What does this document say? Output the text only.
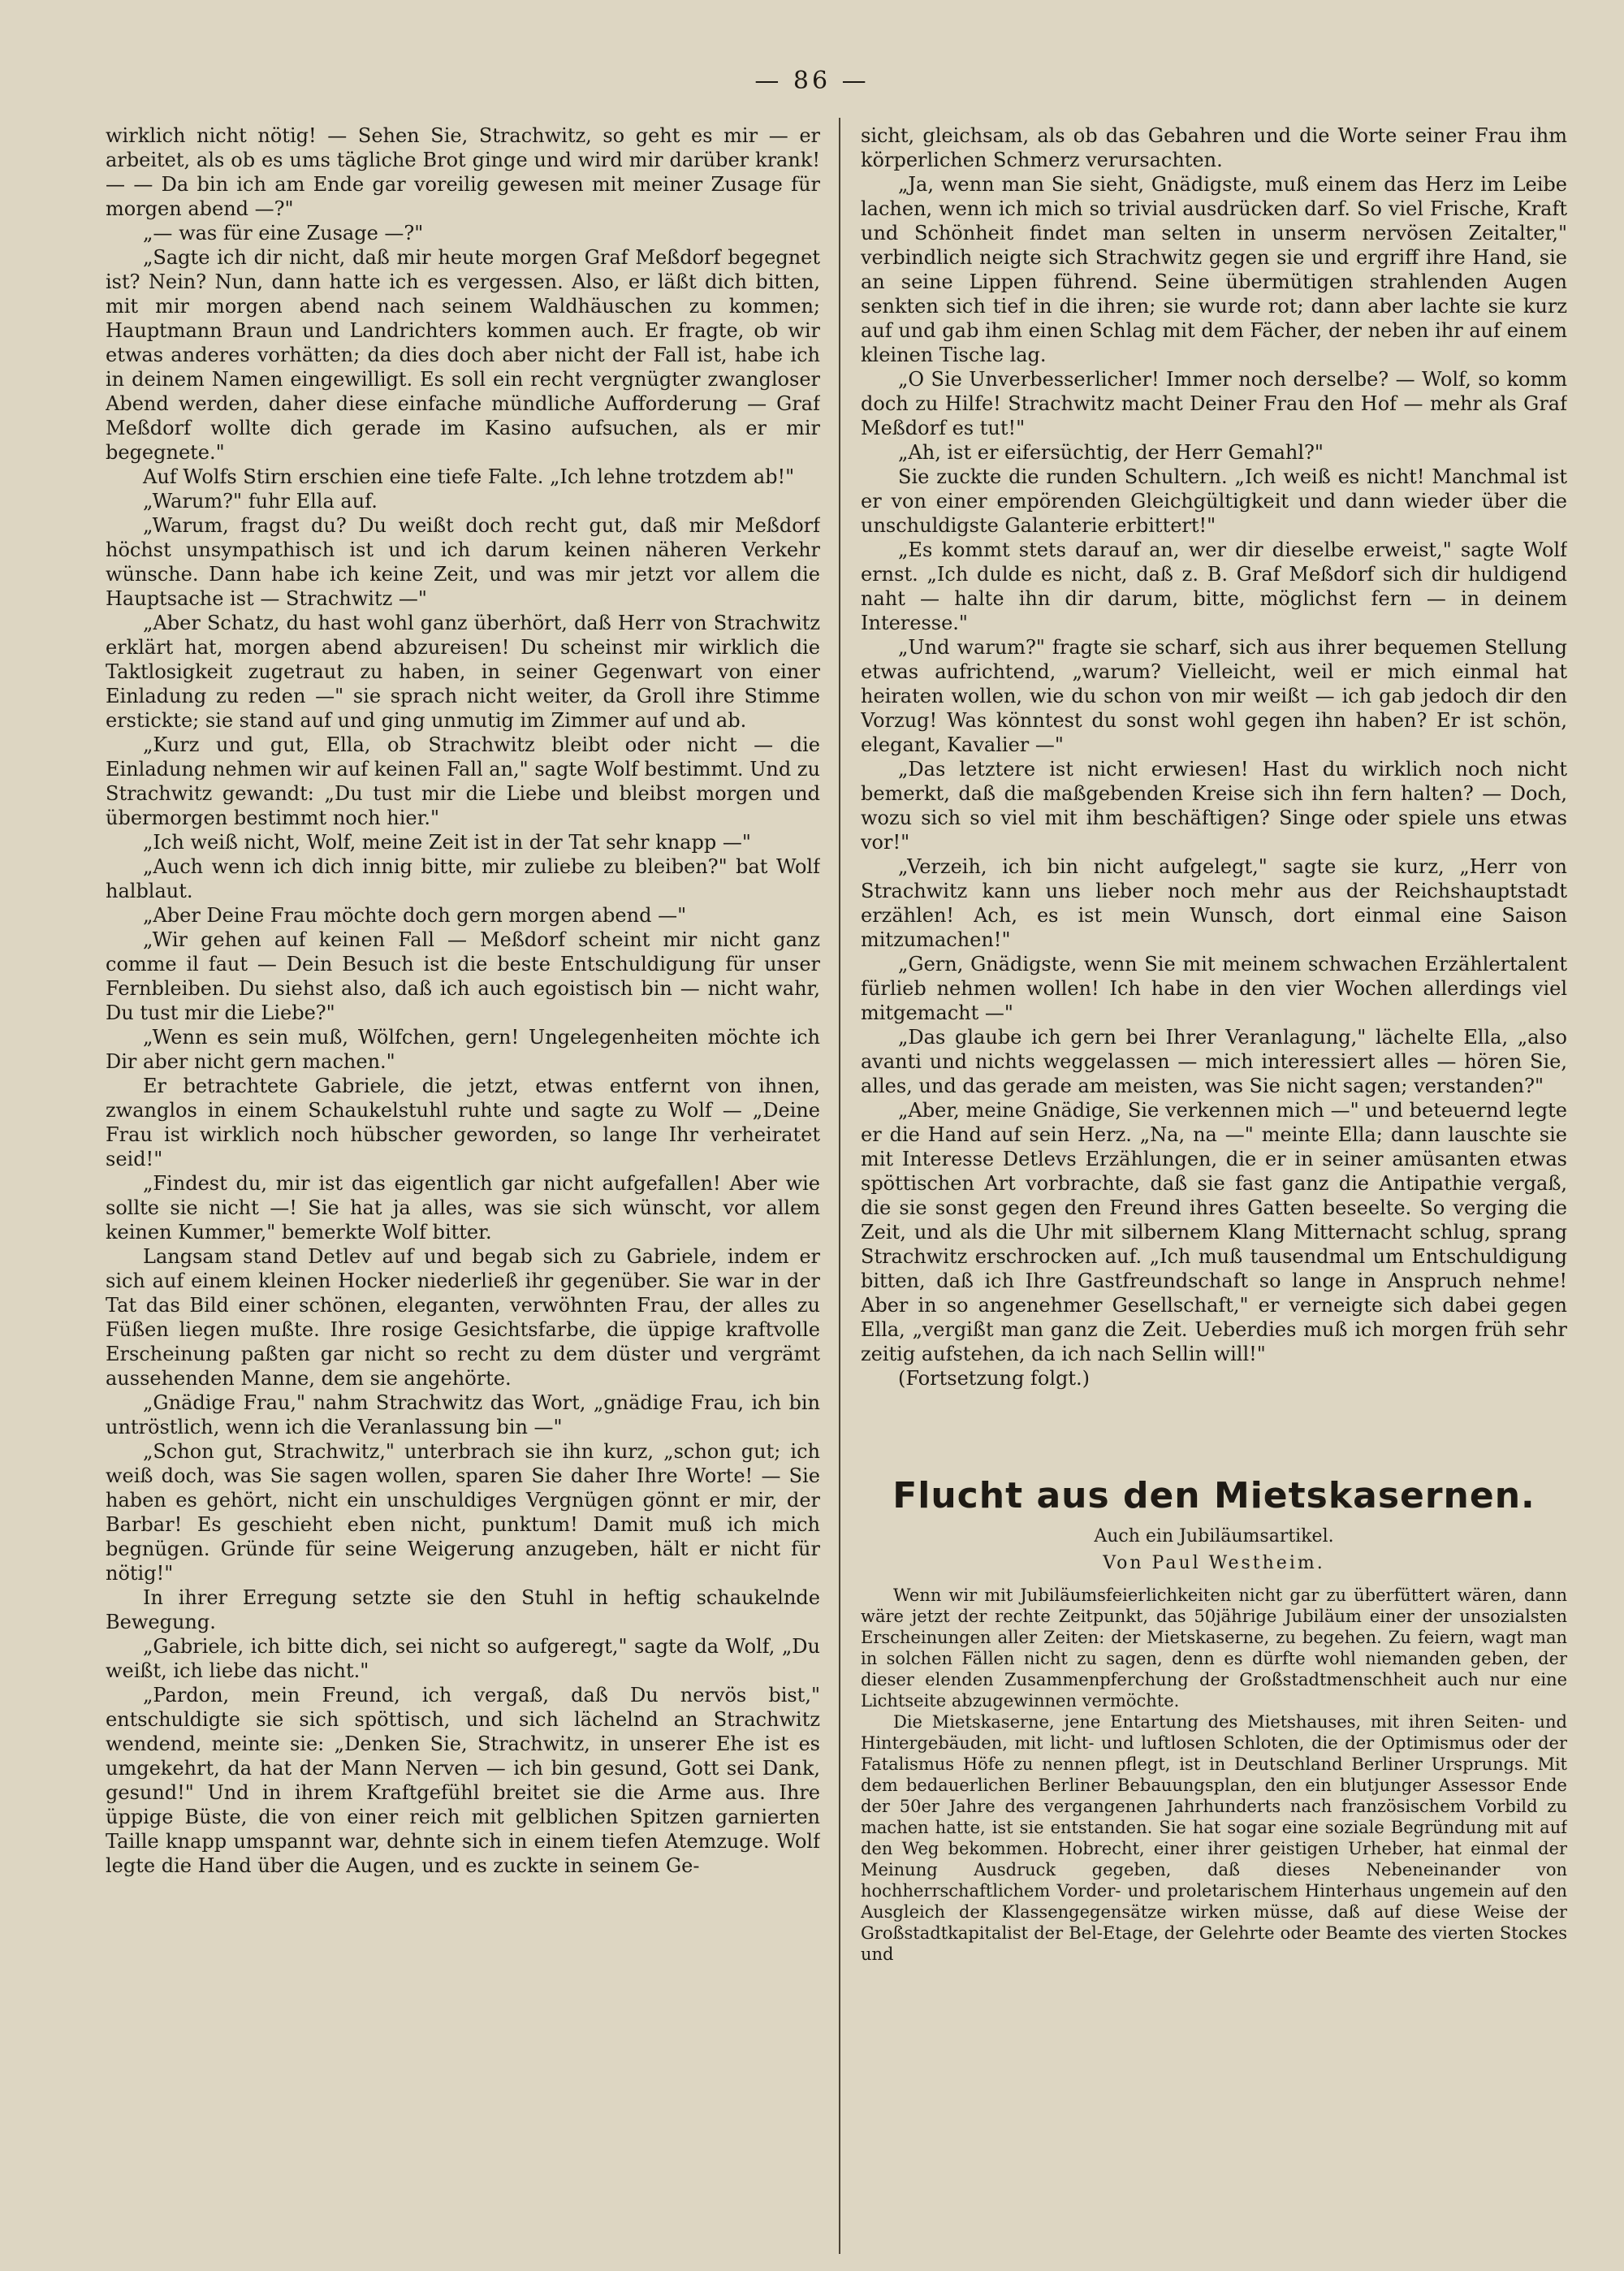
— 86 —

wirklich nicht nötig! — Sehen Sie, Strachwitz, so geht es mir — er arbeitet, als ob es ums tägliche Brot ginge und wird mir darüber krank! — — Da bin ich am Ende gar voreilig gewesen mit meiner Zusage für morgen abend —?"

„— was für eine Zusage —?"

„Sagte ich dir nicht, daß mir heute morgen Graf Meßdorf begegnet ist? Nein? Nun, dann hatte ich es vergessen. Also, er läßt dich bitten, mit mir morgen abend nach seinem Waldhäuschen zu kommen; Hauptmann Braun und Landrichters kommen auch. Er fragte, ob wir etwas anderes vorhätten; da dies doch aber nicht der Fall ist, habe ich in deinem Namen eingewilligt. Es soll ein recht vergnügter zwangloser Abend werden, daher diese einfache mündliche Aufforderung — Graf Meßdorf wollte dich gerade im Kasino aufsuchen, als er mir begegnete."

Auf Wolfs Stirn erschien eine tiefe Falte. „Ich lehne trotzdem ab!"

„Warum?" fuhr Ella auf.

„Warum, fragst du? Du weißt doch recht gut, daß mir Meßdorf höchst unsympathisch ist und ich darum keinen näheren Verkehr wünsche. Dann habe ich keine Zeit, und was mir jetzt vor allem die Hauptsache ist — Strachwitz —"

„Aber Schatz, du hast wohl ganz überhört, daß Herr von Strachwitz erklärt hat, morgen abend abzureisen! Du scheinst mir wirklich die Taktlosigkeit zugetraut zu haben, in seiner Gegenwart von einer Einladung zu reden —" sie sprach nicht weiter, da Groll ihre Stimme erstickte; sie stand auf und ging unmutig im Zimmer auf und ab.

„Kurz und gut, Ella, ob Strachwitz bleibt oder nicht — die Einladung nehmen wir auf keinen Fall an," sagte Wolf bestimmt. Und zu Strachwitz gewandt: „Du tust mir die Liebe und bleibst morgen und übermorgen bestimmt noch hier."

„Ich weiß nicht, Wolf, meine Zeit ist in der Tat sehr knapp —"

„Auch wenn ich dich innig bitte, mir zuliebe zu bleiben?" bat Wolf halblaut.

„Aber Deine Frau möchte doch gern morgen abend —"

„Wir gehen auf keinen Fall — Meßdorf scheint mir nicht ganz comme il faut — Dein Besuch ist die beste Entschuldigung für unser Fernbleiben. Du siehst also, daß ich auch egoistisch bin — nicht wahr, Du tust mir die Liebe?"

„Wenn es sein muß, Wölfchen, gern! Ungelegenheiten möchte ich Dir aber nicht gern machen."

Er betrachtete Gabriele, die jetzt, etwas entfernt von ihnen, zwanglos in einem Schaukelstuhl ruhte und sagte zu Wolf — „Deine Frau ist wirklich noch hübscher geworden, so lange Ihr verheiratet seid!"

„Findest du, mir ist das eigentlich gar nicht aufgefallen! Aber wie sollte sie nicht —! Sie hat ja alles, was sie sich wünscht, vor allem keinen Kummer," bemerkte Wolf bitter.

Langsam stand Detlev auf und begab sich zu Gabriele, indem er sich auf einem kleinen Hocker niederließ ihr gegenüber. Sie war in der Tat das Bild einer schönen, eleganten, verwöhnten Frau, der alles zu Füßen liegen mußte. Ihre rosige Gesichtsfarbe, die üppige kraftvolle Erscheinung paßten gar nicht so recht zu dem düster und vergrämt aussehenden Manne, dem sie angehörte.

„Gnädige Frau," nahm Strachwitz das Wort, „gnädige Frau, ich bin untröstlich, wenn ich die Veranlassung bin —"

„Schon gut, Strachwitz," unterbrach sie ihn kurz, „schon gut; ich weiß doch, was Sie sagen wollen, sparen Sie daher Ihre Worte! — Sie haben es gehört, nicht ein unschuldiges Vergnügen gönnt er mir, der Barbar! Es geschieht eben nicht, punktum! Damit muß ich mich begnügen. Gründe für seine Weigerung anzugeben, hält er nicht für nötig!"

In ihrer Erregung setzte sie den Stuhl in heftig schaukelnde Bewegung.

„Gabriele, ich bitte dich, sei nicht so aufgeregt," sagte da Wolf, „Du weißt, ich liebe das nicht."

„Pardon, mein Freund, ich vergaß, daß Du nervös bist," entschuldigte sie sich spöttisch, und sich lächelnd an Strachwitz wendend, meinte sie: „Denken Sie, Strachwitz, in unserer Ehe ist es umgekehrt, da hat der Mann Nerven — ich bin gesund, Gott sei Dank, gesund!" Und in ihrem Kraftgefühl breitet sie die Arme aus. Ihre üppige Büste, die von einer reich mit gelblichen Spitzen garnierten Taille knapp umspannt war, dehnte sich in einem tiefen Atemzuge. Wolf legte die Hand über die Augen, und es zuckte in seinem Ge-

sicht, gleichsam, als ob das Gebahren und die Worte seiner Frau ihm körperlichen Schmerz verursachten.

„Ja, wenn man Sie sieht, Gnädigste, muß einem das Herz im Leibe lachen, wenn ich mich so trivial ausdrücken darf. So viel Frische, Kraft und Schönheit findet man selten in unserm nervösen Zeitalter," verbindlich neigte sich Strachwitz gegen sie und ergriff ihre Hand, sie an seine Lippen führend. Seine übermütigen strahlenden Augen senkten sich tief in die ihren; sie wurde rot; dann aber lachte sie kurz auf und gab ihm einen Schlag mit dem Fächer, der neben ihr auf einem kleinen Tische lag.

„O Sie Unverbesserlicher! Immer noch derselbe? — Wolf, so komm doch zu Hilfe! Strachwitz macht Deiner Frau den Hof — mehr als Graf Meßdorf es tut!"

„Ah, ist er eifersüchtig, der Herr Gemahl?"

Sie zuckte die runden Schultern. „Ich weiß es nicht! Manchmal ist er von einer empörenden Gleichgültigkeit und dann wieder über die unschuldigste Galanterie erbittert!"

„Es kommt stets darauf an, wer dir dieselbe erweist," sagte Wolf ernst. „Ich dulde es nicht, daß z. B. Graf Meßdorf sich dir huldigend naht — halte ihn dir darum, bitte, möglichst fern — in deinem Interesse."

„Und warum?" fragte sie scharf, sich aus ihrer bequemen Stellung etwas aufrichtend, „warum? Vielleicht, weil er mich einmal hat heiraten wollen, wie du schon von mir weißt — ich gab jedoch dir den Vorzug! Was könntest du sonst wohl gegen ihn haben? Er ist schön, elegant, Kavalier —"

„Das letztere ist nicht erwiesen! Hast du wirklich noch nicht bemerkt, daß die maßgebenden Kreise sich ihn fern halten? — Doch, wozu sich so viel mit ihm beschäftigen? Singe oder spiele uns etwas vor!"

„Verzeih, ich bin nicht aufgelegt," sagte sie kurz, „Herr von Strachwitz kann uns lieber noch mehr aus der Reichshauptstadt erzählen! Ach, es ist mein Wunsch, dort einmal eine Saison mitzumachen!"

„Gern, Gnädigste, wenn Sie mit meinem schwachen Erzählertalent fürlieb nehmen wollen! Ich habe in den vier Wochen allerdings viel mitgemacht —"

„Das glaube ich gern bei Ihrer Veranlagung," lächelte Ella, „also avanti und nichts weggelassen — mich interessiert alles — hören Sie, alles, und das gerade am meisten, was Sie nicht sagen; verstanden?"

„Aber, meine Gnädige, Sie verkennen mich —" und beteuernd legte er die Hand auf sein Herz. „Na, na —" meinte Ella; dann lauschte sie mit Interesse Detlevs Erzählungen, die er in seiner amüsanten etwas spöttischen Art vorbrachte, daß sie fast ganz die Antipathie vergaß, die sie sonst gegen den Freund ihres Gatten beseelte. So verging die Zeit, und als die Uhr mit silbernem Klang Mitternacht schlug, sprang Strachwitz erschrocken auf. „Ich muß tausendmal um Entschuldigung bitten, daß ich Ihre Gastfreundschaft so lange in Anspruch nehme! Aber in so angenehmer Gesellschaft," er verneigte sich dabei gegen Ella, „vergißt man ganz die Zeit. Ueberdies muß ich morgen früh sehr zeitig aufstehen, da ich nach Sellin will!"

(Fortsetzung folgt.)

Flucht aus den Mietskasernen.
Auch ein Jubiläumsartikel.
Von Paul Westheim.

Wenn wir mit Jubiläumsfeierlichkeiten nicht gar zu überfüttert wären, dann wäre jetzt der rechte Zeitpunkt, das 50jährige Jubiläum einer der unsozialsten Erscheinungen aller Zeiten: der Mietskaserne, zu begehen. Zu feiern, wagt man in solchen Fällen nicht zu sagen, denn es dürfte wohl niemanden geben, der dieser elenden Zusammenpferchung der Großstadtmenschheit auch nur eine Lichtseite abzugewinnen vermöchte.

Die Mietskaserne, jene Entartung des Mietshauses, mit ihren Seiten- und Hintergebäuden, mit licht- und luftlosen Schloten, die der Optimismus oder der Fatalismus Höfe zu nennen pflegt, ist in Deutschland Berliner Ursprungs. Mit dem bedauerlichen Berliner Bebauungsplan, den ein blutjunger Assessor Ende der 50er Jahre des vergangenen Jahrhunderts nach französischem Vorbild zu machen hatte, ist sie entstanden. Sie hat sogar eine soziale Begründung mit auf den Weg bekommen. Hobrecht, einer ihrer geistigen Urheber, hat einmal der Meinung Ausdruck gegeben, daß dieses Nebeneinander von hochherrschaftlichem Vorder- und proletarischem Hinterhaus ungemein auf den Ausgleich der Klassengegensätze wirken müsse, daß auf diese Weise der Großstadtkapitalist der Bel-Etage, der Gelehrte oder Beamte des vierten Stockes und
